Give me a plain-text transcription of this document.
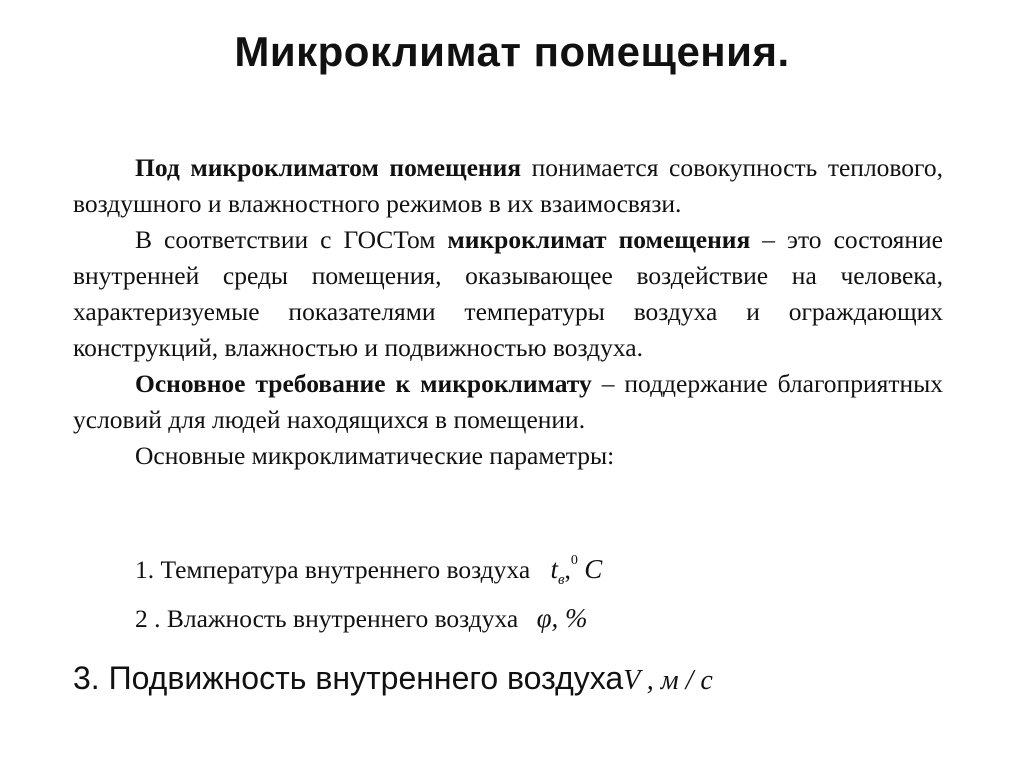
Микроклимат помещения.

Под микроклиматом помещения понимается совокупность теплового, воздушного и влажностного режимов в их взаимосвязи.

В соответствии с ГОСТом микроклимат помещения – это состояние внутренней среды помещения, оказывающее воздействие на человека, характеризуемые показателями температуры воздуха и ограждающих конструкций, влажностью и подвижностью воздуха.

Основное требование к микроклимату – поддержание благоприятных условий для людей находящихся в помещении.

Основные микроклиматические параметры:

1. Температура внутреннего воздуха $t_в,^0$ C
2 . Влажность внутреннего воздуха φ, %
3. Подвижность внутреннего воздухаV , м / с
